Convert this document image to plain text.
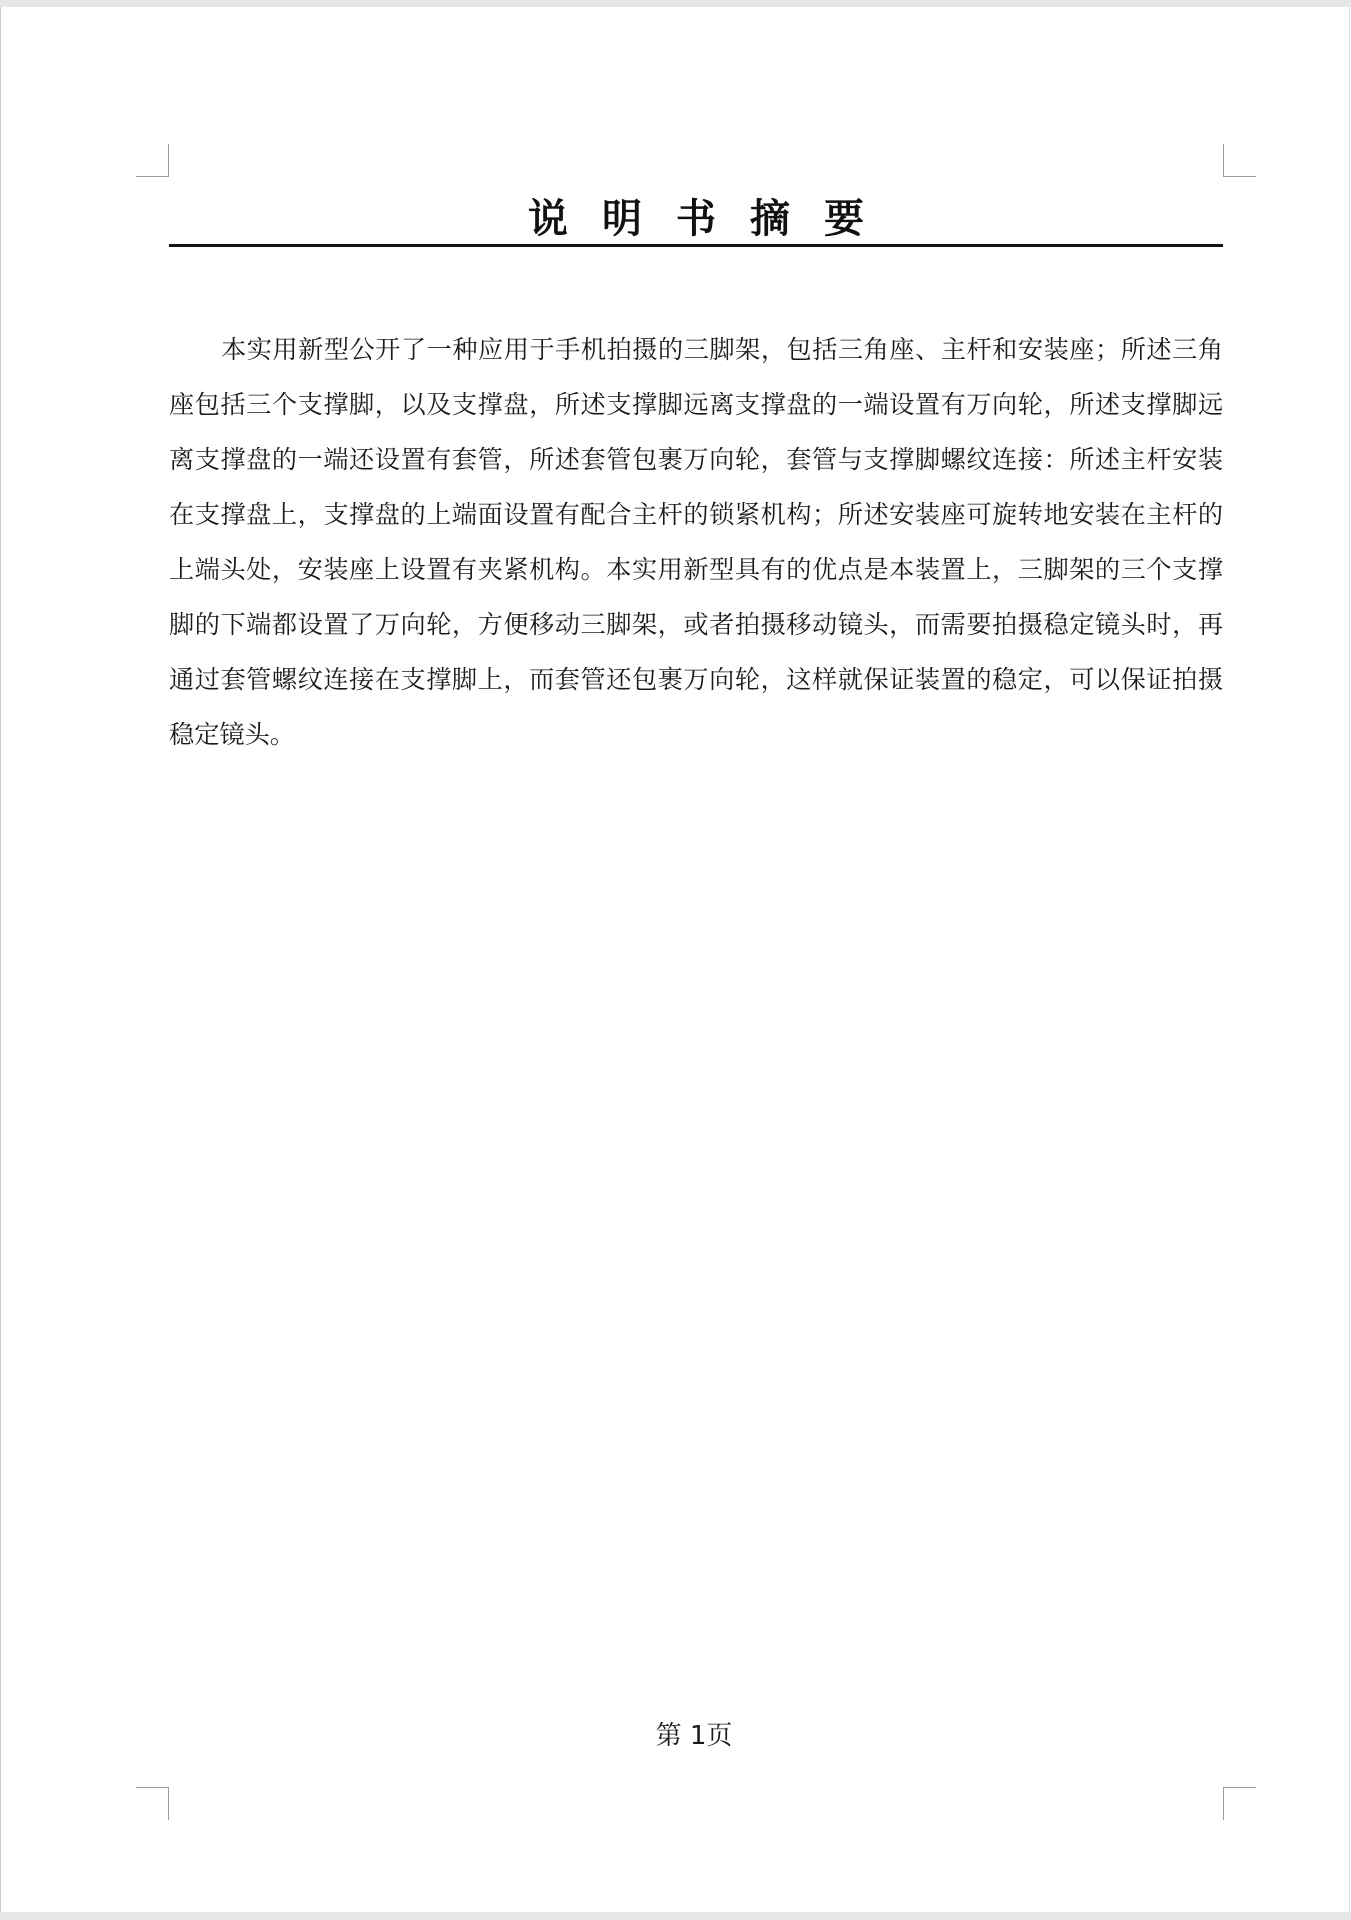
说明书摘要

本实用新型公开了一种应用于手机拍摄的三脚架，包括三角座、主杆和安装座；所述三角座包括三个支撑脚，以及支撑盘，所述支撑脚远离支撑盘的一端设置有万向轮，所述支撑脚远离支撑盘的一端还设置有套管，所述套管包裹万向轮，套管与支撑脚螺纹连接：所述主杆安装在支撑盘上，支撑盘的上端面设置有配合主杆的锁紧机构；所述安装座可旋转地安装在主杆的上端头处，安装座上设置有夹紧机构。本实用新型具有的优点是本装置上，三脚架的三个支撑脚的下端都设置了万向轮，方便移动三脚架，或者拍摄移动镜头，而需要拍摄稳定镜头时，再通过套管螺纹连接在支撑脚上，而套管还包裹万向轮，这样就保证装置的稳定，可以保证拍摄稳定镜头。

第 1页
